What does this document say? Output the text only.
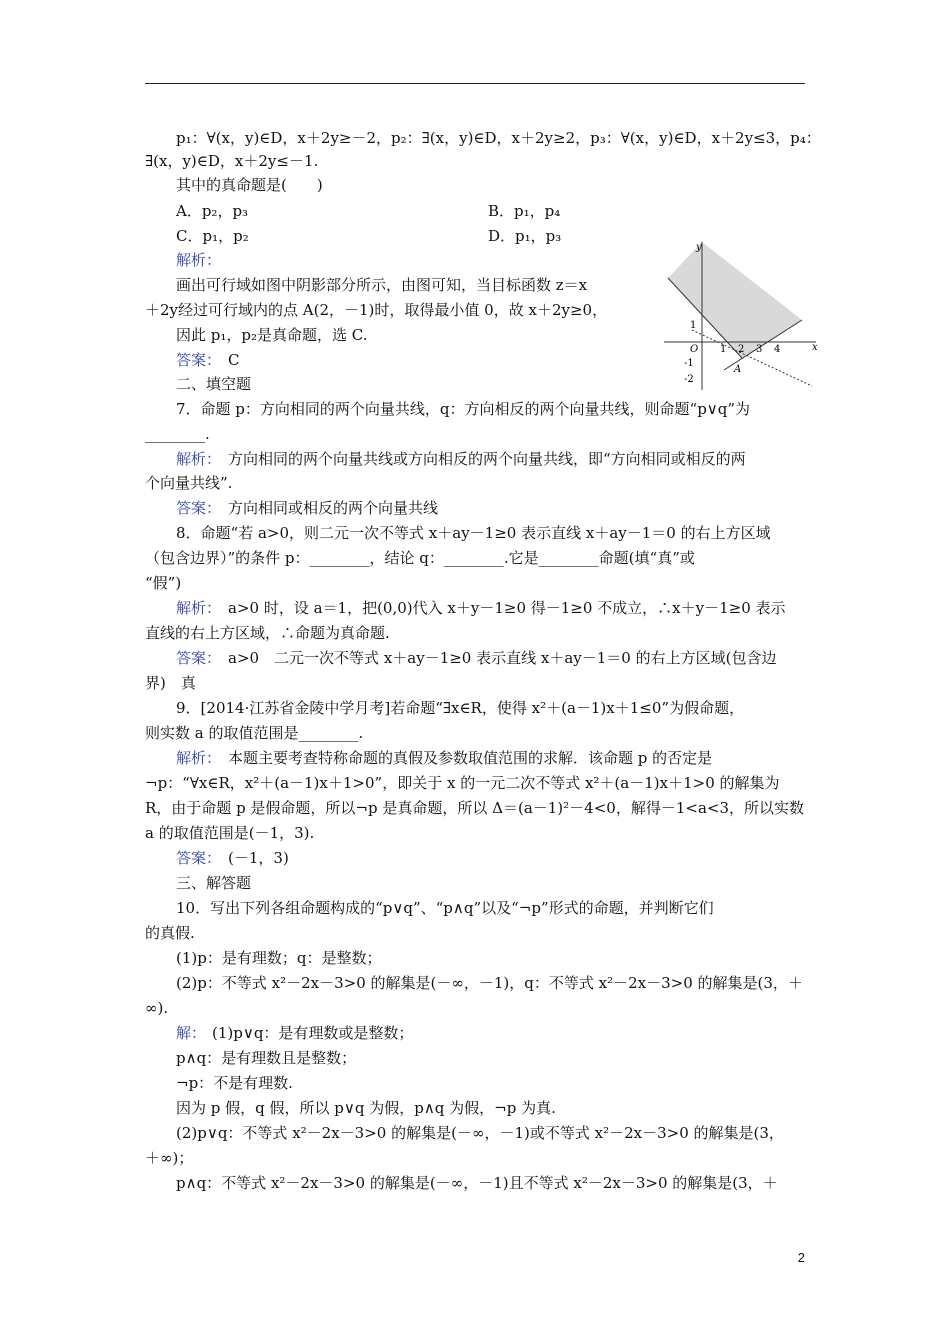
p₁：∀(x，y)∈D，x＋2y≥－2，p₂：∃(x，y)∈D，x＋2y≥2，p₃：∀(x，y)∈D，x＋2y≤3，p₄：
∃(x，y)∈D，x＋2y≤－1.
其中的真命题是(　　)
A．p₂，p₃	B．p₁，p₄
C．p₁，p₂	D．p₁，p₃
解析：
画出可行域如图中阴影部分所示，由图可知，当目标函数 z＝x
＋2y经过可行域内的点 A(2，－1)时，取得最小值 0，故 x＋2y≥0，
因此 p₁，p₂是真命题，选 C.
答案： C
二、填空题
7．命题 p：方向相同的两个向量共线，q：方向相反的两个向量共线，则命题“p∨q”为
________.
解析： 方向相同的两个向量共线或方向相反的两个向量共线，即“方向相同或相反的两
个向量共线”.
答案： 方向相同或相反的两个向量共线
8．命题“若 a>0，则二元一次不等式 x＋ay－1≥0 表示直线 x＋ay－1＝0 的右上方区域
（包含边界）”的条件 p：________，结论 q：________.它是________命题(填“真”或
“假”)
解析： a>0 时，设 a＝1，把(0,0)代入 x＋y－1≥0 得－1≥0 不成立，∴x＋y－1≥0 表示
直线的右上方区域，∴命题为真命题.
答案： a>0　二元一次不等式 x＋ay－1≥0 表示直线 x＋ay－1＝0 的右上方区域(包含边
界)　真
9．[2014·江苏省金陵中学月考]若命题“∃x∈R，使得 x²＋(a－1)x＋1≤0”为假命题，
则实数 a 的取值范围是________.
解析： 本题主要考查特称命题的真假及参数取值范围的求解．该命题 p 的否定是
¬p：“∀x∈R，x²＋(a－1)x＋1>0”，即关于 x 的一元二次不等式 x²＋(a－1)x＋1>0 的解集为
R，由于命题 p 是假命题，所以¬p 是真命题，所以 Δ＝(a－1)²－4<0，解得－1<a<3，所以实数
a 的取值范围是(－1，3).
答案： (－1，3)
三、解答题
10．写出下列各组命题构成的“p∨q”、“p∧q”以及“¬p”形式的命题，并判断它们
的真假.
(1)p：是有理数；q：是整数；
(2)p：不等式 x²－2x－3>0 的解集是(－∞，－1)，q：不等式 x²－2x－3>0 的解集是(3，＋
∞).
解： (1)p∨q：是有理数或是整数；
p∧q：是有理数且是整数；
¬p：不是有理数.
因为 p 假，q 假，所以 p∨q 为假，p∧q 为假，¬p 为真.
(2)p∨q：不等式 x²－2x－3>0 的解集是(－∞，－1)或不等式 x²－2x－3>0 的解集是(3，
＋∞)；
p∧q：不等式 x²－2x－3>0 的解集是(－∞，－1)且不等式 x²－2x－3>0 的解集是(3，＋
y
x
O 1 2 3 4
1
-1
-2
A
2
